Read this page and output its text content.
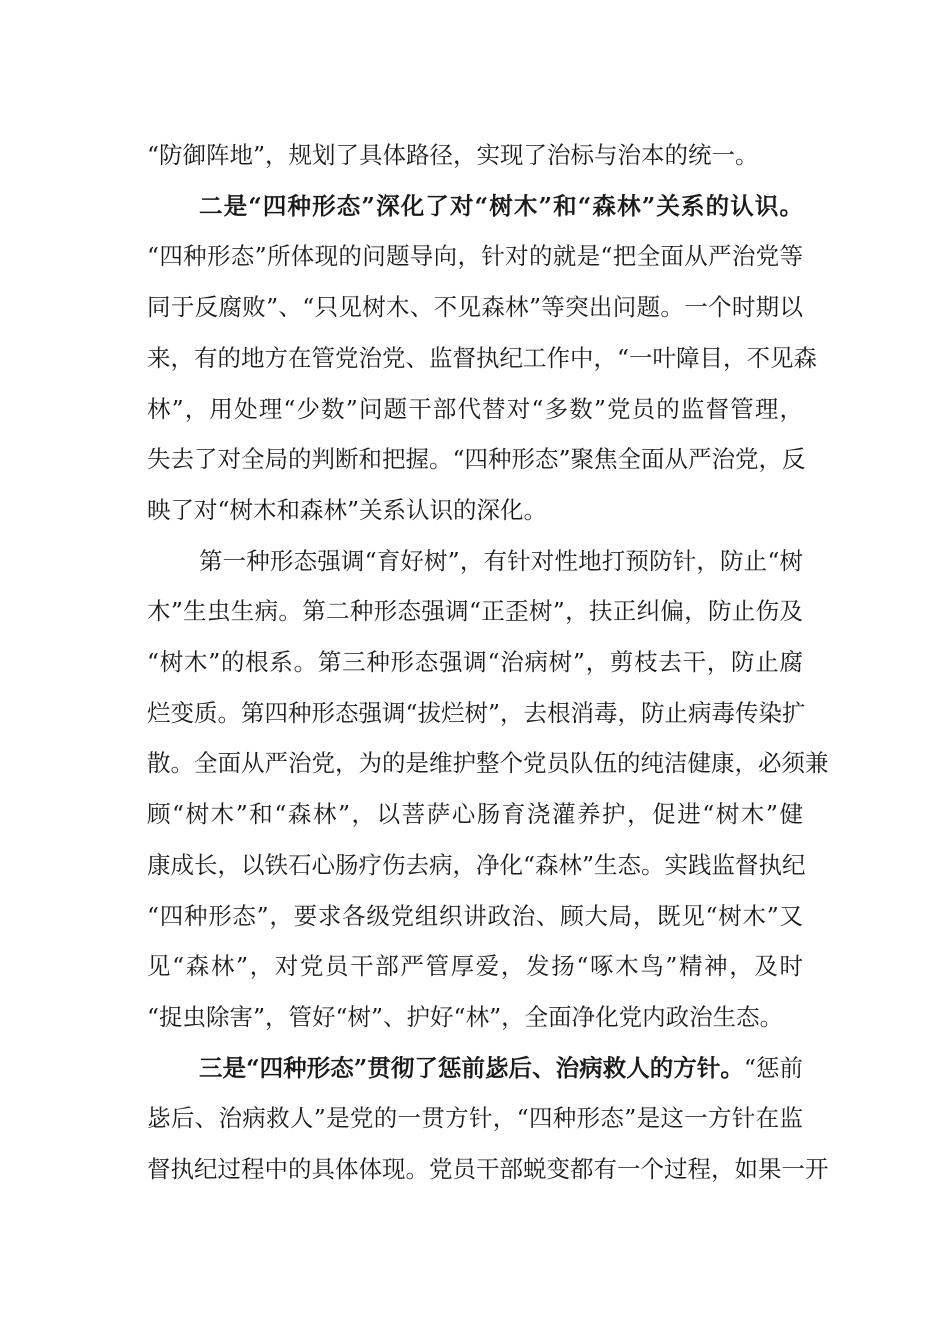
“防御阵地”，规划了具体路径，实现了治标与治本的统一。
二是“四种形态”深化了对“树木”和“森林”关系的认识。
“四种形态”所体现的问题导向，针对的就是“把全面从严治党等
同于反腐败”、“只见树木、不见森林”等突出问题。一个时期以
来，有的地方在管党治党、监督执纪工作中，“一叶障目，不见森
林”，用处理“少数”问题干部代替对“多数”党员的监督管理，
失去了对全局的判断和把握。“四种形态”聚焦全面从严治党，反
映了对“树木和森林”关系认识的深化。
第一种形态强调“育好树”，有针对性地打预防针，防止“树
木”生虫生病。第二种形态强调“正歪树”，扶正纠偏，防止伤及
“树木”的根系。第三种形态强调“治病树”，剪枝去干，防止腐
烂变质。第四种形态强调“拔烂树”，去根消毒，防止病毒传染扩
散。全面从严治党，为的是维护整个党员队伍的纯洁健康，必须兼
顾“树木”和“森林”，以菩萨心肠育浇灌养护，促进“树木”健
康成长，以铁石心肠疗伤去病，净化“森林”生态。实践监督执纪
“四种形态”，要求各级党组织讲政治、顾大局，既见“树木”又
见“森林”，对党员干部严管厚爱，发扬“啄木鸟”精神，及时
“捉虫除害”，管好“树”、护好“林”，全面净化党内政治生态。
三是“四种形态”贯彻了惩前毖后、治病救人的方针。“惩前
毖后、治病救人”是党的一贯方针，“四种形态”是这一方针在监
督执纪过程中的具体体现。党员干部蜕变都有一个过程，如果一开
